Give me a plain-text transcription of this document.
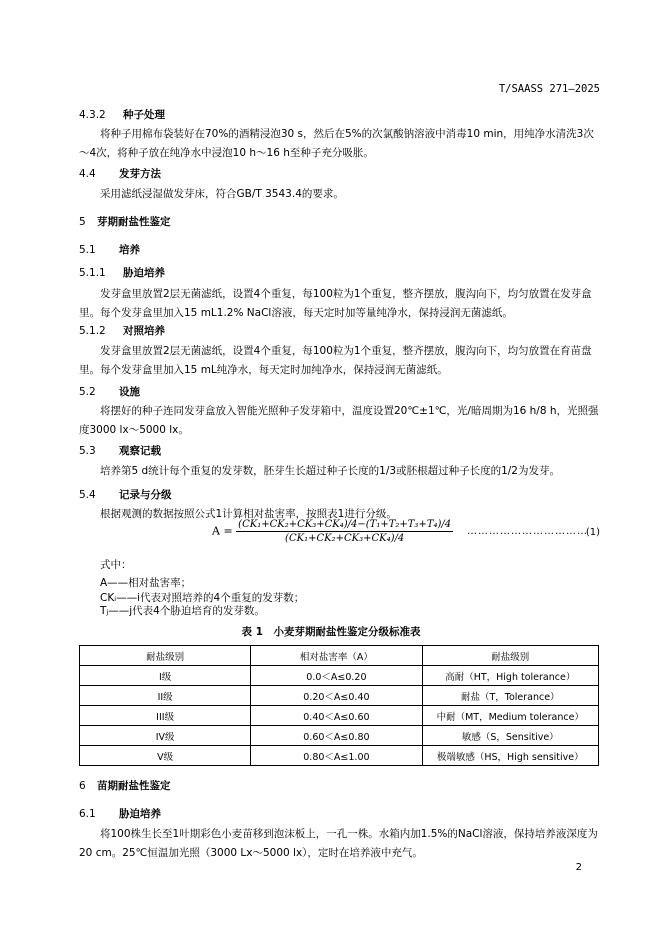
T/SAASS 271—2025
4.3.2 种子处理
将种子用棉布袋装好在70%的酒精浸泡30 s，然后在5%的次氯酸钠溶液中消毒10 min，用纯净水清洗3次～4次，将种子放在纯净水中浸泡10 h～16 h至种子充分吸胀。
4.4 发芽方法
采用滤纸浸湿做发芽床，符合GB/T 3543.4的要求。
5 芽期耐盐性鉴定
5.1 培养
5.1.1 胁迫培养
发芽盒里放置2层无菌滤纸，设置4个重复，每100粒为1个重复，整齐摆放，腹沟向下，均匀放置在发芽盒里。每个发芽盒里加入15 mL1.2% NaCl溶液，每天定时加等量纯净水，保持浸润无菌滤纸。
5.1.2 对照培养
发芽盒里放置2层无菌滤纸，设置4个重复，每100粒为1个重复，整齐摆放，腹沟向下，均匀放置在育苗盘里。每个发芽盒里加入15 mL纯净水，每天定时加纯净水，保持浸润无菌滤纸。
5.2 设施
将摆好的种子连同发芽盒放入智能光照种子发芽箱中，温度设置20℃±1℃，光/暗周期为16 h/8 h，光照强度3000 lx～5000 lx。
5.3 观察记载
培养第5 d统计每个重复的发芽数，胚芽生长超过种子长度的1/3或胚根超过种子长度的1/2为发芽。
5.4 记录与分级
根据观测的数据按照公式1计算相对盐害率，按照表1进行分级。
$A = \frac{\text{(CK₁+CK₂+CK₃+CK₄)/4−(T₁+T₂+T₃+T₄)/4}}{\text{(CK₁+CK₂+CK₃+CK₄)/4}}$ ……………………………
(1)
式中：
A——相对盐害率；
CKᵢ——i代表对照培养的4个重复的发芽数；
Tⱼ——j代表4个胁迫培育的发芽数。
表 1　小麦芽期耐盐性鉴定分级标准表
耐盐级别	相对盐害率（A）	耐盐级别
I级	0.0＜A≤0.20	高耐（HT，High tolerance）
II级	0.20＜A≤0.40	耐盐（T，Tolerance）
III级	0.40＜A≤0.60	中耐（MT，Medium tolerance）
IV级	0.60＜A≤0.80	敏感（S，Sensitive）
V级	0.80＜A≤1.00	极端敏感（HS，High sensitive）
6 苗期耐盐性鉴定
6.1 胁迫培养
将100株生长至1叶期彩色小麦苗移到泡沫板上，一孔一株。水箱内加1.5%的NaCl溶液，保持培养液深度为20 cm。25℃恒温加光照（3000 Lx～5000 lx），定时在培养液中充气。
2
